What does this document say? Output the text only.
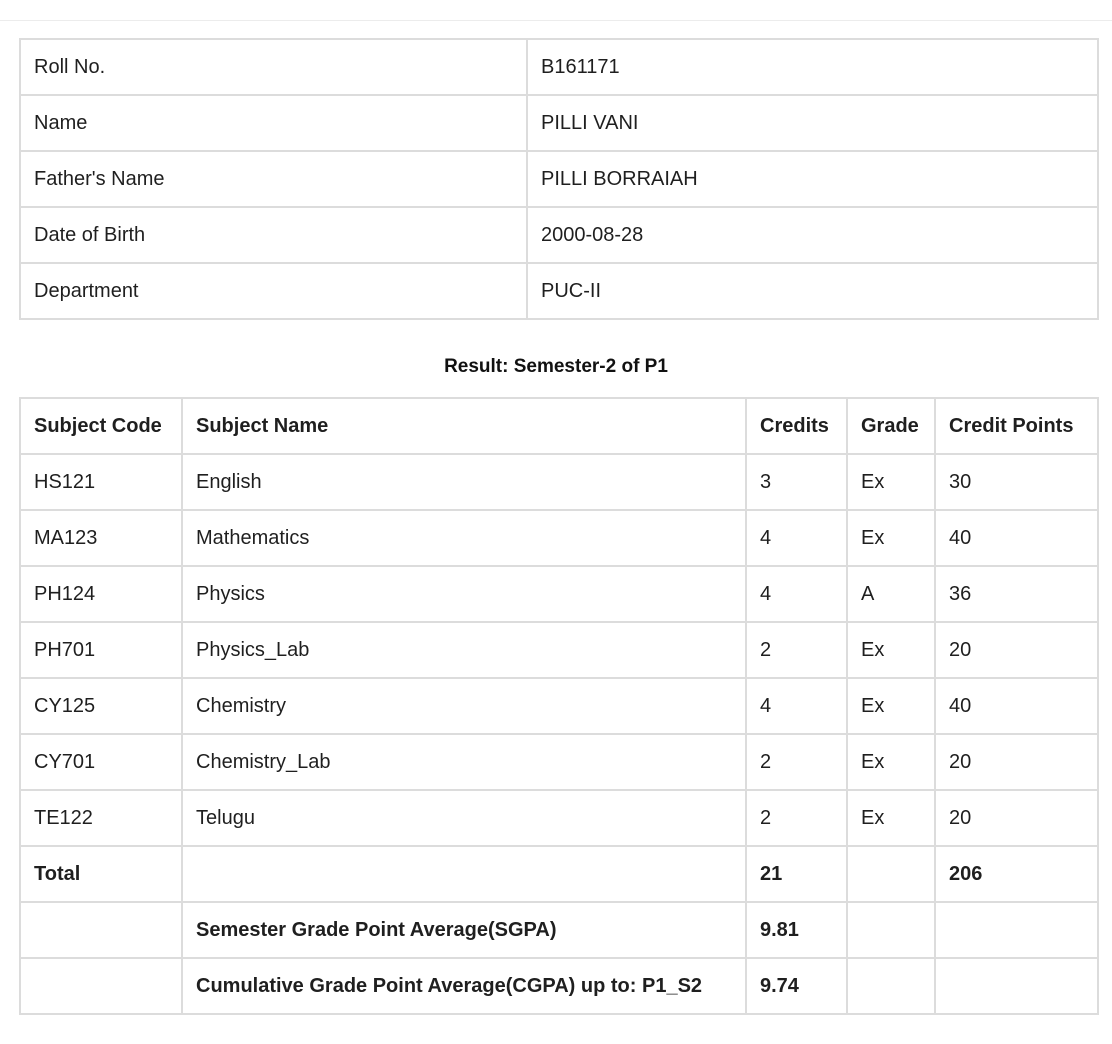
Roll No.	B161171
Name	PILLI VANI
Father's Name	PILLI BORRAIAH
Date of Birth	2000-08-28
Department	PUC-II
Result: Semester-2 of P1
Subject Code	Subject Name	Credits	Grade	Credit Points
HS121	English	3	Ex	30
MA123	Mathematics	4	Ex	40
PH124	Physics	4	A	36
PH701	Physics_Lab	2	Ex	20
CY125	Chemistry	4	Ex	40
CY701	Chemistry_Lab	2	Ex	20
TE122	Telugu	2	Ex	20
Total		21		206
	Semester Grade Point Average(SGPA)	9.81		
	Cumulative Grade Point Average(CGPA) up to: P1_S2	9.74		
